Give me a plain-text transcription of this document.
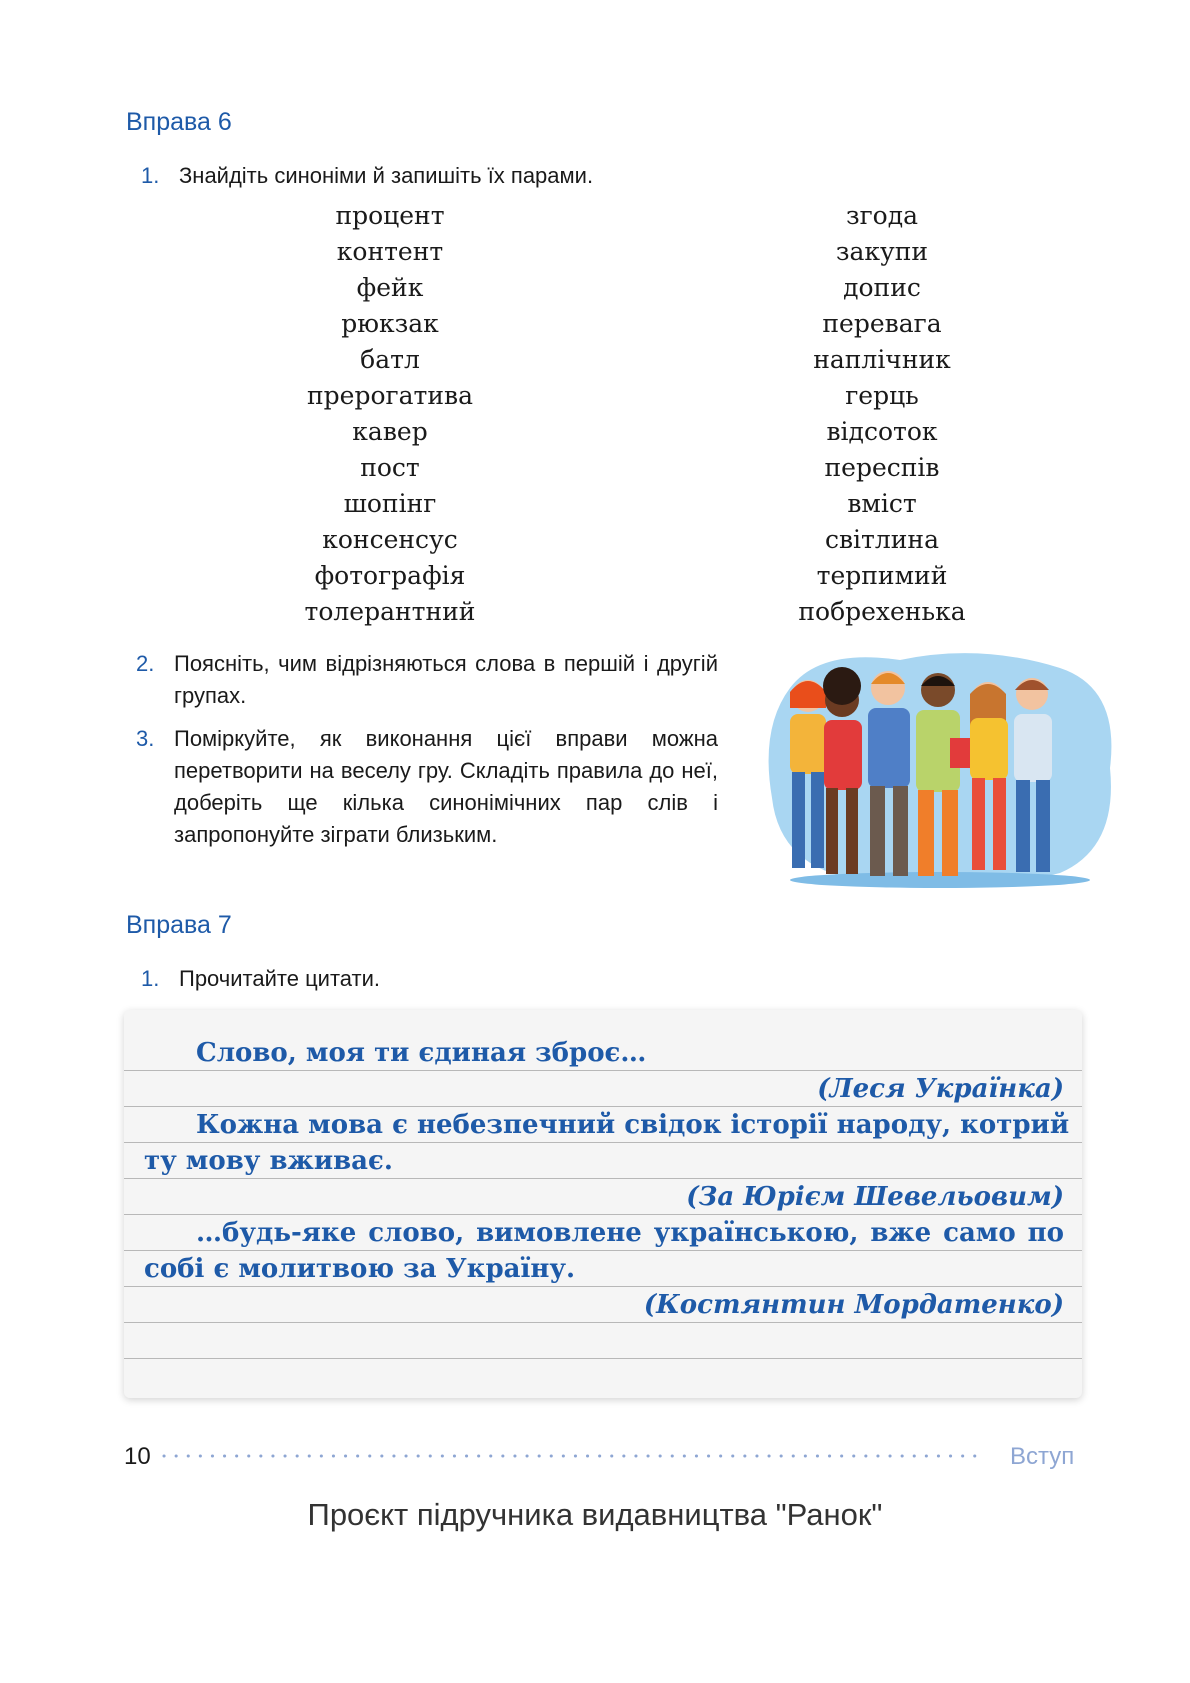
Вправа 6
1. Знайдіть синоніми й запишіть їх парами.
процент
контент
фейк
рюкзак
батл
прерогатива
кавер
пост
шопінг
консенсус
фотографія
толерантний
згода
закупи
допис
перевага
наплічник
герць
відсоток
переспів
вміст
світлина
терпимий
побрехенька
2. Поясніть, чим відрізняються слова в першій і другій групах.
3. Поміркуйте, як виконання цієї вправи можна перетворити на веселу гру. Складіть правила до неї, доберіть ще кілька синонімічних пар слів і запропонуйте зіграти близьким.
Вправа 7
1. Прочитайте цитати.
Слово, моя ти єдиная зброє…
(Леся Українка)
Кожна мова є небезпечний свідок історії народу, котрий
ту мову вживає.
(За Юрієм Шевельовим)
…будь-яке слово, вимовлене українською, вже само по
собі є молитвою за Україну.
(Костянтин Мордатенко)
10	Вступ
Проєкт підручника видавництва "Ранок"
